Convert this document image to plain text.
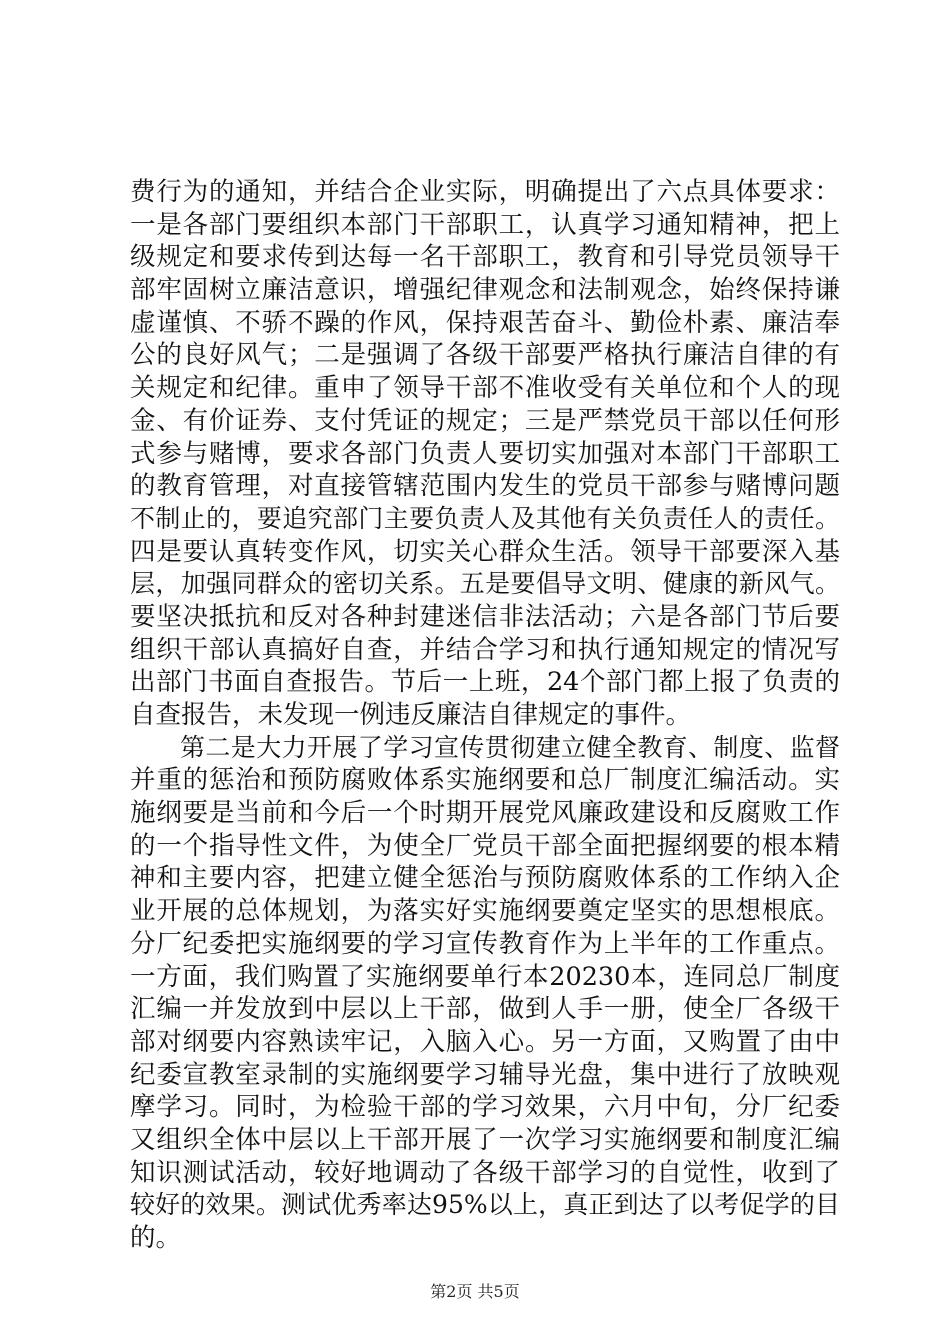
费行为的通知，并结合企业实际，明确提出了六点具体要求：
一是各部门要组织本部门干部职工，认真学习通知精神，把上
级规定和要求传到达每一名干部职工，教育和引导党员领导干
部牢固树立廉洁意识，增强纪律观念和法制观念，始终保持谦
虚谨慎、不骄不躁的作风，保持艰苦奋斗、勤俭朴素、廉洁奉
公的良好风气；二是强调了各级干部要严格执行廉洁自律的有
关规定和纪律。重申了领导干部不准收受有关单位和个人的现
金、有价证券、支付凭证的规定；三是严禁党员干部以任何形
式参与赌博，要求各部门负责人要切实加强对本部门干部职工
的教育管理，对直接管辖范围内发生的党员干部参与赌博问题
不制止的，要追究部门主要负责人及其他有关负责任人的责任。
四是要认真转变作风，切实关心群众生活。领导干部要深入基
层，加强同群众的密切关系。五是要倡导文明、健康的新风气。
要坚决抵抗和反对各种封建迷信非法活动；六是各部门节后要
组织干部认真搞好自查，并结合学习和执行通知规定的情况写
出部门书面自查报告。节后一上班，24个部门都上报了负责的
自查报告，未发现一例违反廉洁自律规定的事件。
第二是大力开展了学习宣传贯彻建立健全教育、制度、监督
并重的惩治和预防腐败体系实施纲要和总厂制度汇编活动。实
施纲要是当前和今后一个时期开展党风廉政建设和反腐败工作
的一个指导性文件，为使全厂党员干部全面把握纲要的根本精
神和主要内容，把建立健全惩治与预防腐败体系的工作纳入企
业开展的总体规划，为落实好实施纲要奠定坚实的思想根底。
分厂纪委把实施纲要的学习宣传教育作为上半年的工作重点。
一方面，我们购置了实施纲要单行本20230本，连同总厂制度
汇编一并发放到中层以上干部，做到人手一册，使全厂各级干
部对纲要内容熟读牢记，入脑入心。另一方面，又购置了由中
纪委宣教室录制的实施纲要学习辅导光盘，集中进行了放映观
摩学习。同时，为检验干部的学习效果，六月中旬，分厂纪委
又组织全体中层以上干部开展了一次学习实施纲要和制度汇编
知识测试活动，较好地调动了各级干部学习的自觉性，收到了
较好的效果。测试优秀率达95%以上，真正到达了以考促学的目
的。
第2页 共5页
